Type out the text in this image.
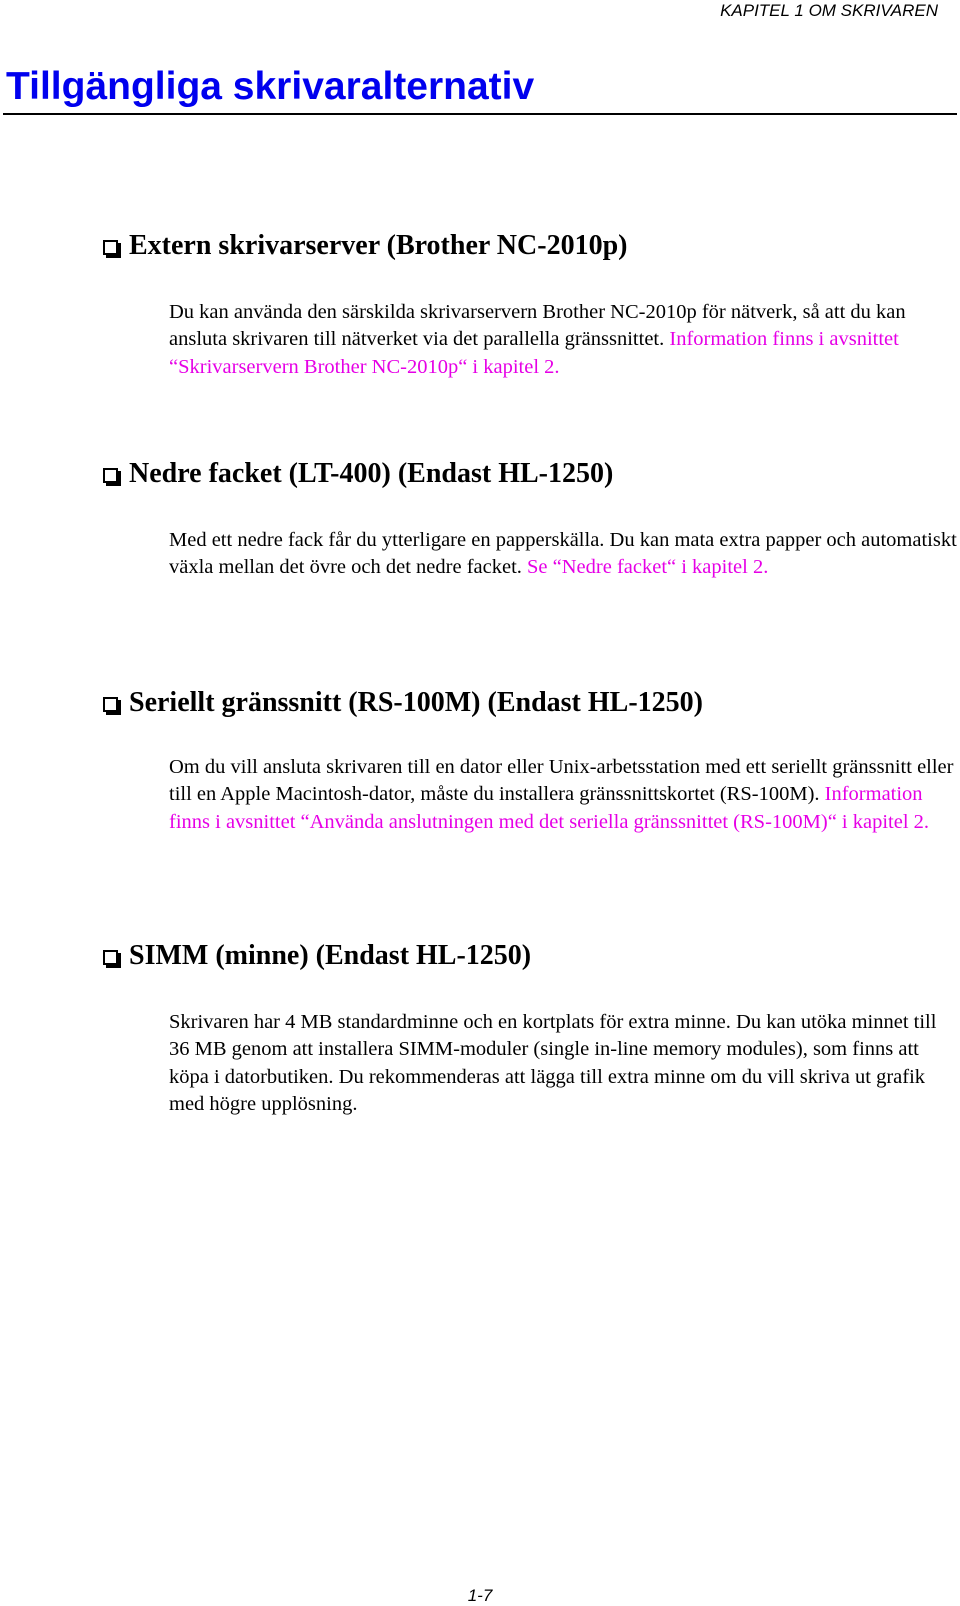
KAPITEL 1 OM SKRIVAREN
Tillgängliga skrivaralternativ
Extern skrivarserver (Brother NC-2010p)

Du kan använda den särskilda skrivarservern Brother NC-2010p för nätverk, så att du kan ansluta skrivaren till nätverket via det parallella gränssnittet. Information finns i avsnittet “Skrivarservern Brother NC-2010p“ i kapitel 2.

Nedre facket (LT-400) (Endast HL-1250)

Med ett nedre fack får du ytterligare en papperskälla. Du kan mata extra papper och automatiskt växla mellan det övre och det nedre facket. Se “Nedre facket“ i kapitel 2.

Seriellt gränssnitt (RS-100M) (Endast HL-1250)

Om du vill ansluta skrivaren till en dator eller Unix-arbetsstation med ett seriellt gränssnitt eller till en Apple Macintosh-dator, måste du installera gränssnittskortet (RS-100M). Information finns i avsnittet “Använda anslutningen med det seriella gränssnittet (RS-100M)“ i kapitel 2.

SIMM (minne) (Endast HL-1250)

Skrivaren har 4 MB standardminne och en kortplats för extra minne. Du kan utöka minnet till 36 MB genom att installera SIMM-moduler (single in-line memory modules), som finns att köpa i datorbutiken. Du rekommenderas att lägga till extra minne om du vill skriva ut grafik med högre upplösning.

1-7
